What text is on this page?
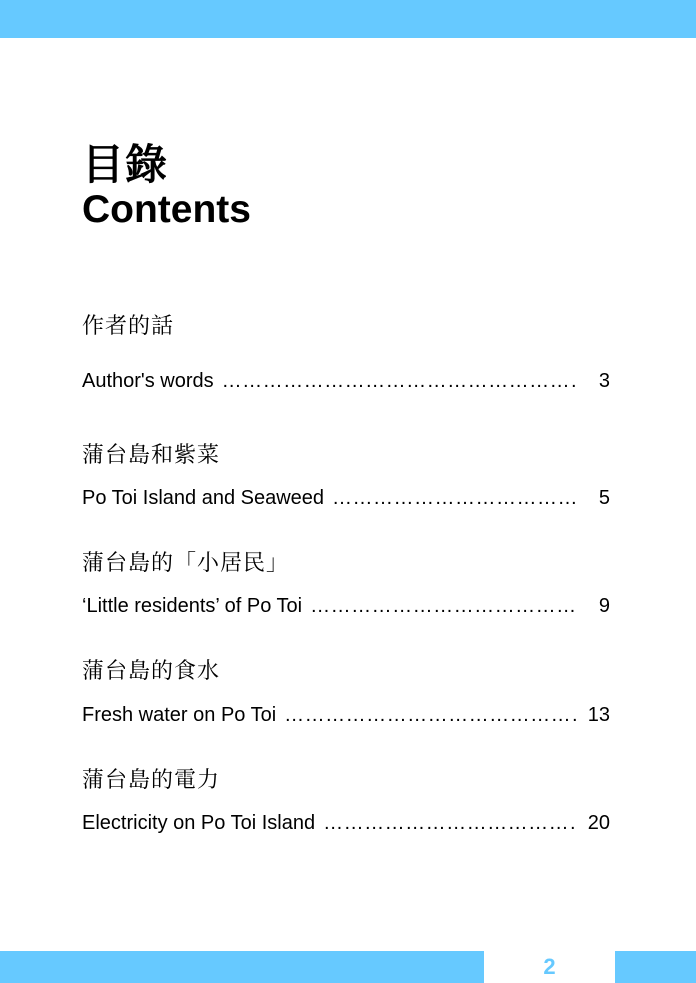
目錄
Contents
作者的話
Author's words …………………………………………………………………………………………………………………………………………	3
蒲台島和紫菜
Po Toi Island and Seaweed …………………………………………………………………………………………………………………………………………	5
蒲台島的「小居民」
‘Little residents’ of Po Toi …………………………………………………………………………………………………………………………………………	9
蒲台島的食水
Fresh water on Po Toi …………………………………………………………………………………………………………………………………………	13
蒲台島的電力
Electricity on Po Toi Island …………………………………………………………………………………………………………………………………………	20
2
